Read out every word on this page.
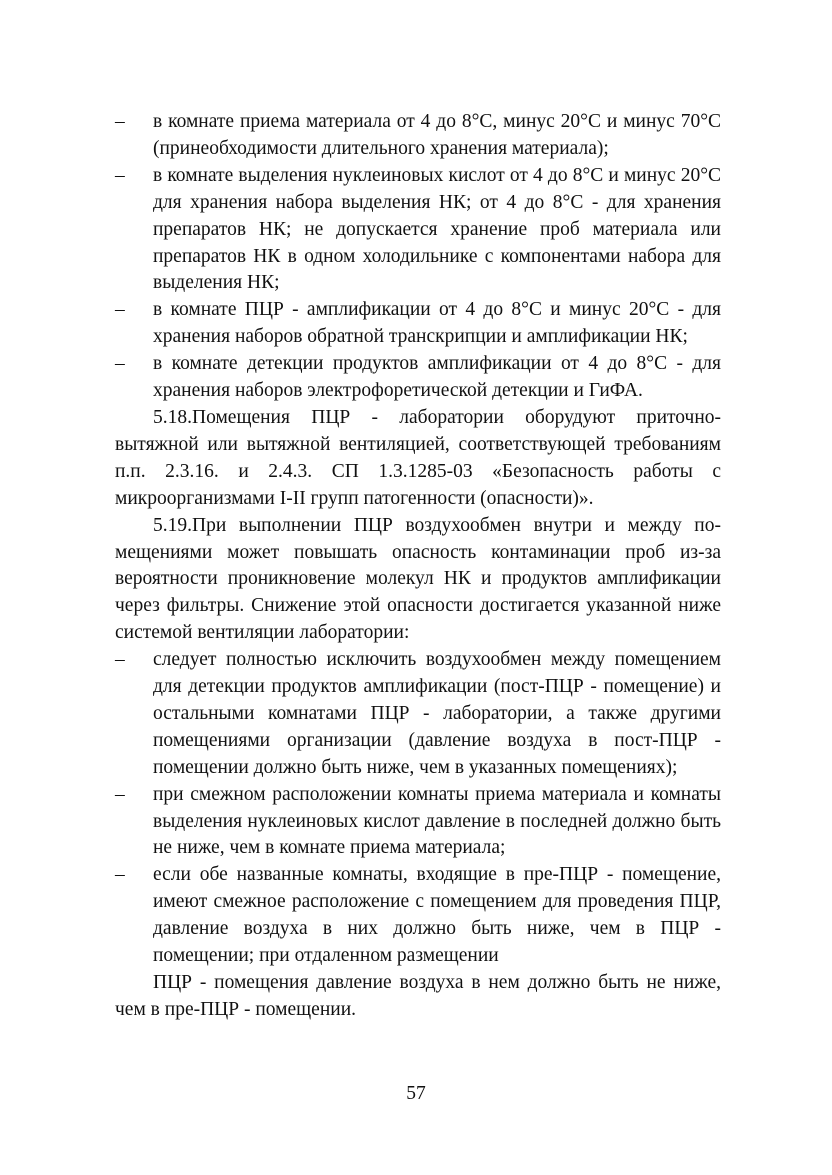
– в комнате приема материала от 4 до 8°С, минус 20°С и минус 70°С (принеобходимости длительного хранения материала);
– в комнате выделения нуклеиновых кислот от 4 до 8°С и минус 20°С для хранения набора выделения НК; от 4 до 8°С - для хранения препаратов НК; не допускается хранение проб материала или препаратов НК в одном холодильнике с компонентами набора для выделения НК;
– в комнате ПЦР - амплификации от 4 до 8°С и минус 20°С - для хранения наборов обратной транскрипции и амплификации НК;
– в комнате детекции продуктов амплификации от 4 до 8°С - для хранения наборов электрофоретической детекции и ГиФА.

5.18.Помещения ПЦР - лаборатории оборудуют приточно-вытяжной или вытяжной вентиляцией, соответствующей требованиям п.п. 2.3.16. и 2.4.3. СП 1.3.1285-03 «Безопасность работы с микроорганизмами I-II групп патогенности (опасности)».

5.19.При выполнении ПЦР воздухообмен внутри и между помещениями может повышать опасность контаминации проб из-за вероятности проникновение молекул НК и продуктов амплификации через фильтры. Снижение этой опасности достигается указанной ниже системой вентиляции лаборатории:

– следует полностью исключить воздухообмен между помещением для детекции продуктов амплификации (пост-ПЦР - помещение) и остальными комнатами ПЦР - лаборатории, а также другими помещениями организации (давление воздуха в пост-ПЦР - помещении должно быть ниже, чем в указанных помещениях);
– при смежном расположении комнаты приема материала и комнаты выделения нуклеиновых кислот давление в последней должно быть не ниже, чем в комнате приема материала;
– если обе названные комнаты, входящие в пре-ПЦР - помещение, имеют смежное расположение с помещением для проведения ПЦР, давление воздуха в них должно быть ниже, чем в ПЦР - помещении; при отдаленном размещении

ПЦР - помещения давление воздуха в нем должно быть не ниже, чем в пре-ПЦР - помещении.

57
